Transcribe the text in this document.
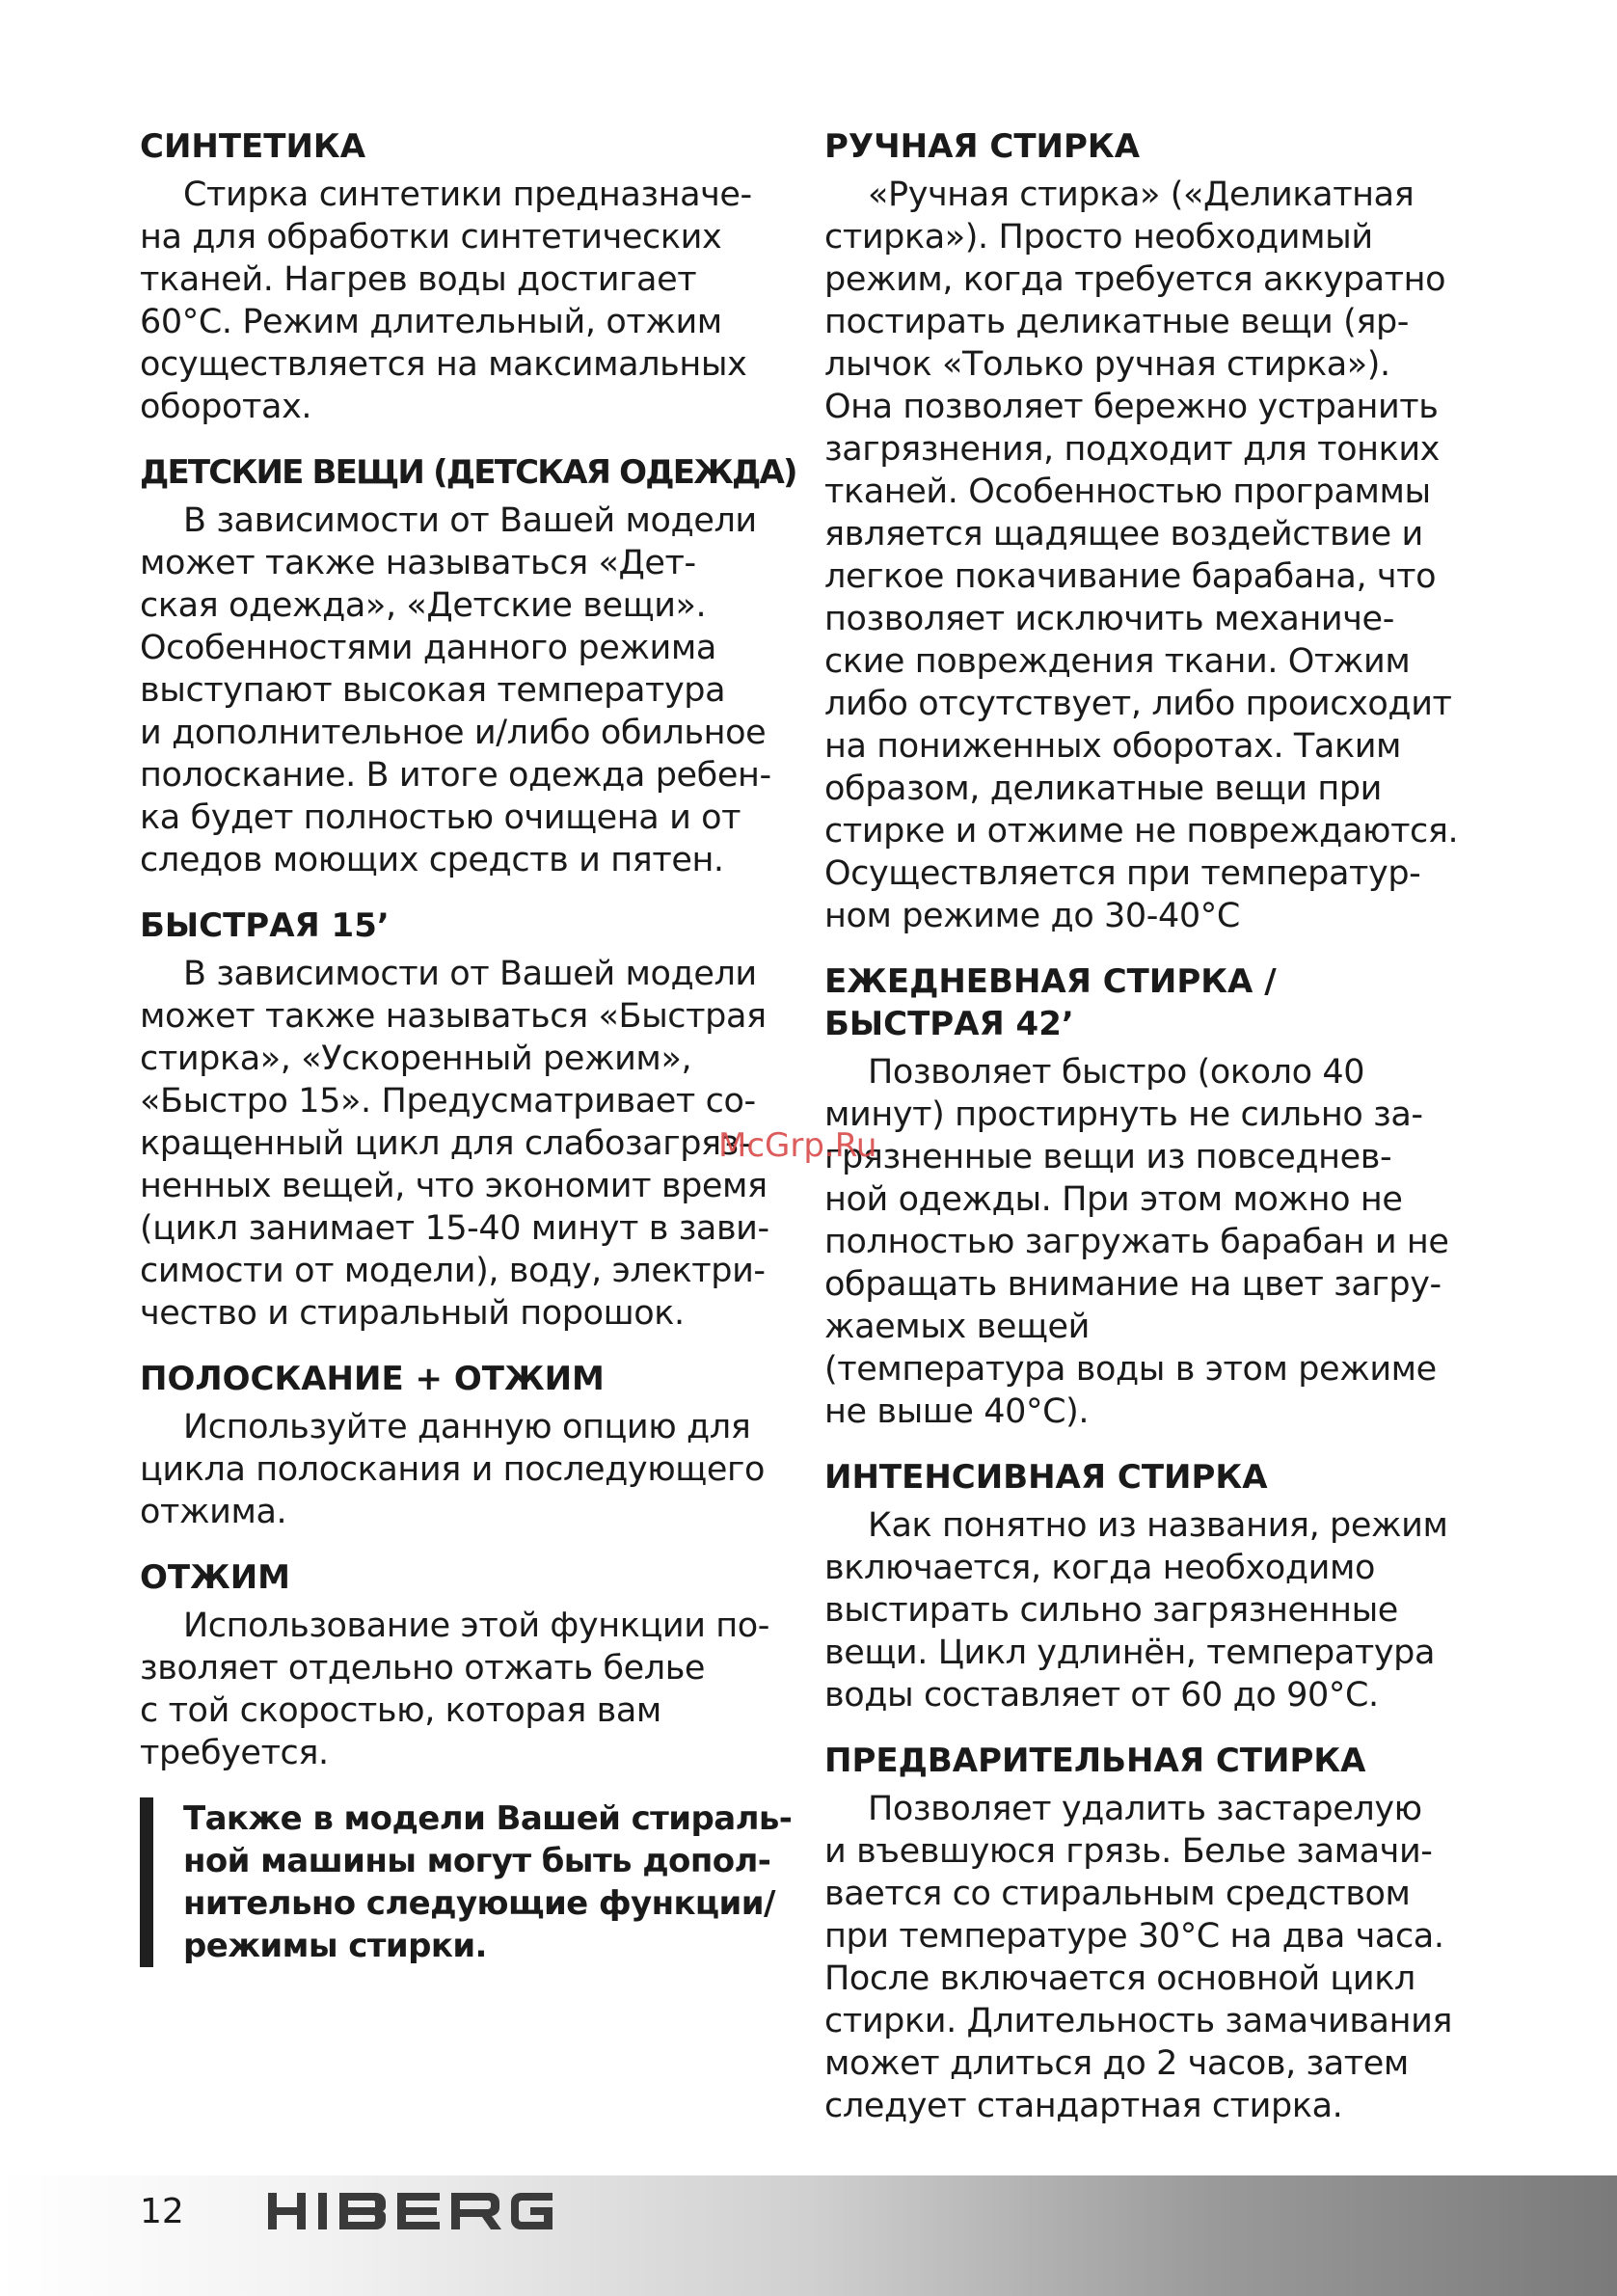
СИНТЕТИКА

Стирка синтетики предназначе-
на для обработки синтетических
тканей. Нагрев воды достигает
60°С. Режим длительный, отжим
осуществляется на максимальных
оборотах.

ДЕТСКИЕ ВЕЩИ (ДЕТСКАЯ ОДЕЖДА)

В зависимости от Вашей модели
может также называться «Дет-
ская одежда», «Детские вещи».
Особенностями данного режима
выступают высокая температура
и дополнительное и/либо обильное
полоскание. В итоге одежда ребен-
ка будет полностью очищена и от
следов моющих средств и пятен.

БЫСТРАЯ 15’

В зависимости от Вашей модели
может также называться «Быстрая
стирка», «Ускоренный режим»,
«Быстро 15». Предусматривает со-
кращенный цикл для слабозагряз-
ненных вещей, что экономит время
(цикл занимает 15-40 минут в зави-
симости от модели), воду, электри-
чество и стиральный порошок.

ПОЛОСКАНИЕ + ОТЖИМ

Используйте данную опцию для
цикла полоскания и последующего
отжима.

ОТЖИМ

Использование этой функции по-
зволяет отдельно отжать белье
с той скоростью, которая вам
требуется.

Также в модели Вашей стираль-
ной машины могут быть допол-
нительно следующие функции/
режимы стирки.
РУЧНАЯ СТИРКА

«Ручная стирка» («Деликатная
стирка»). Просто необходимый
режим, когда требуется аккуратно
постирать деликатные вещи (яр-
лычок «Только ручная стирка»).
Она позволяет бережно устранить
загрязнения, подходит для тонких
тканей. Особенностью программы
является щадящее воздействие и
легкое покачивание барабана, что
позволяет исключить механиче-
ские повреждения ткани. Отжим
либо отсутствует, либо происходит
на пониженных оборотах. Таким
образом, деликатные вещи при
стирке и отжиме не повреждаются.
Осуществляется при температур-
ном режиме до 30-40°С

ЕЖЕДНЕВНАЯ СТИРКА /
БЫСТРАЯ 42’

Позволяет быстро (около 40
минут) простирнуть не сильно за-
грязненные вещи из повседнев-
ной одежды. При этом можно не
полностью загружать барабан и не
обращать внимание на цвет загру-
жаемых вещей

(температура воды в этом режиме
не выше 40°С).

ИНТЕНСИВНАЯ СТИРКА

Как понятно из названия, режим
включается, когда необходимо
выстирать сильно загрязненные
вещи. Цикл удлинён, температура
воды составляет от 60 до 90°С.

ПРЕДВАРИТЕЛЬНАЯ СТИРКА

Позволяет удалить застарелую
и въевшуюся грязь. Белье замачи-
вается со стиральным средством
при температуре 30°С на два часа.
После включается основной цикл
стирки. Длительность замачивания
может длиться до 2 часов, затем
следует стандартная стирка.

McGrp.Ru
12
